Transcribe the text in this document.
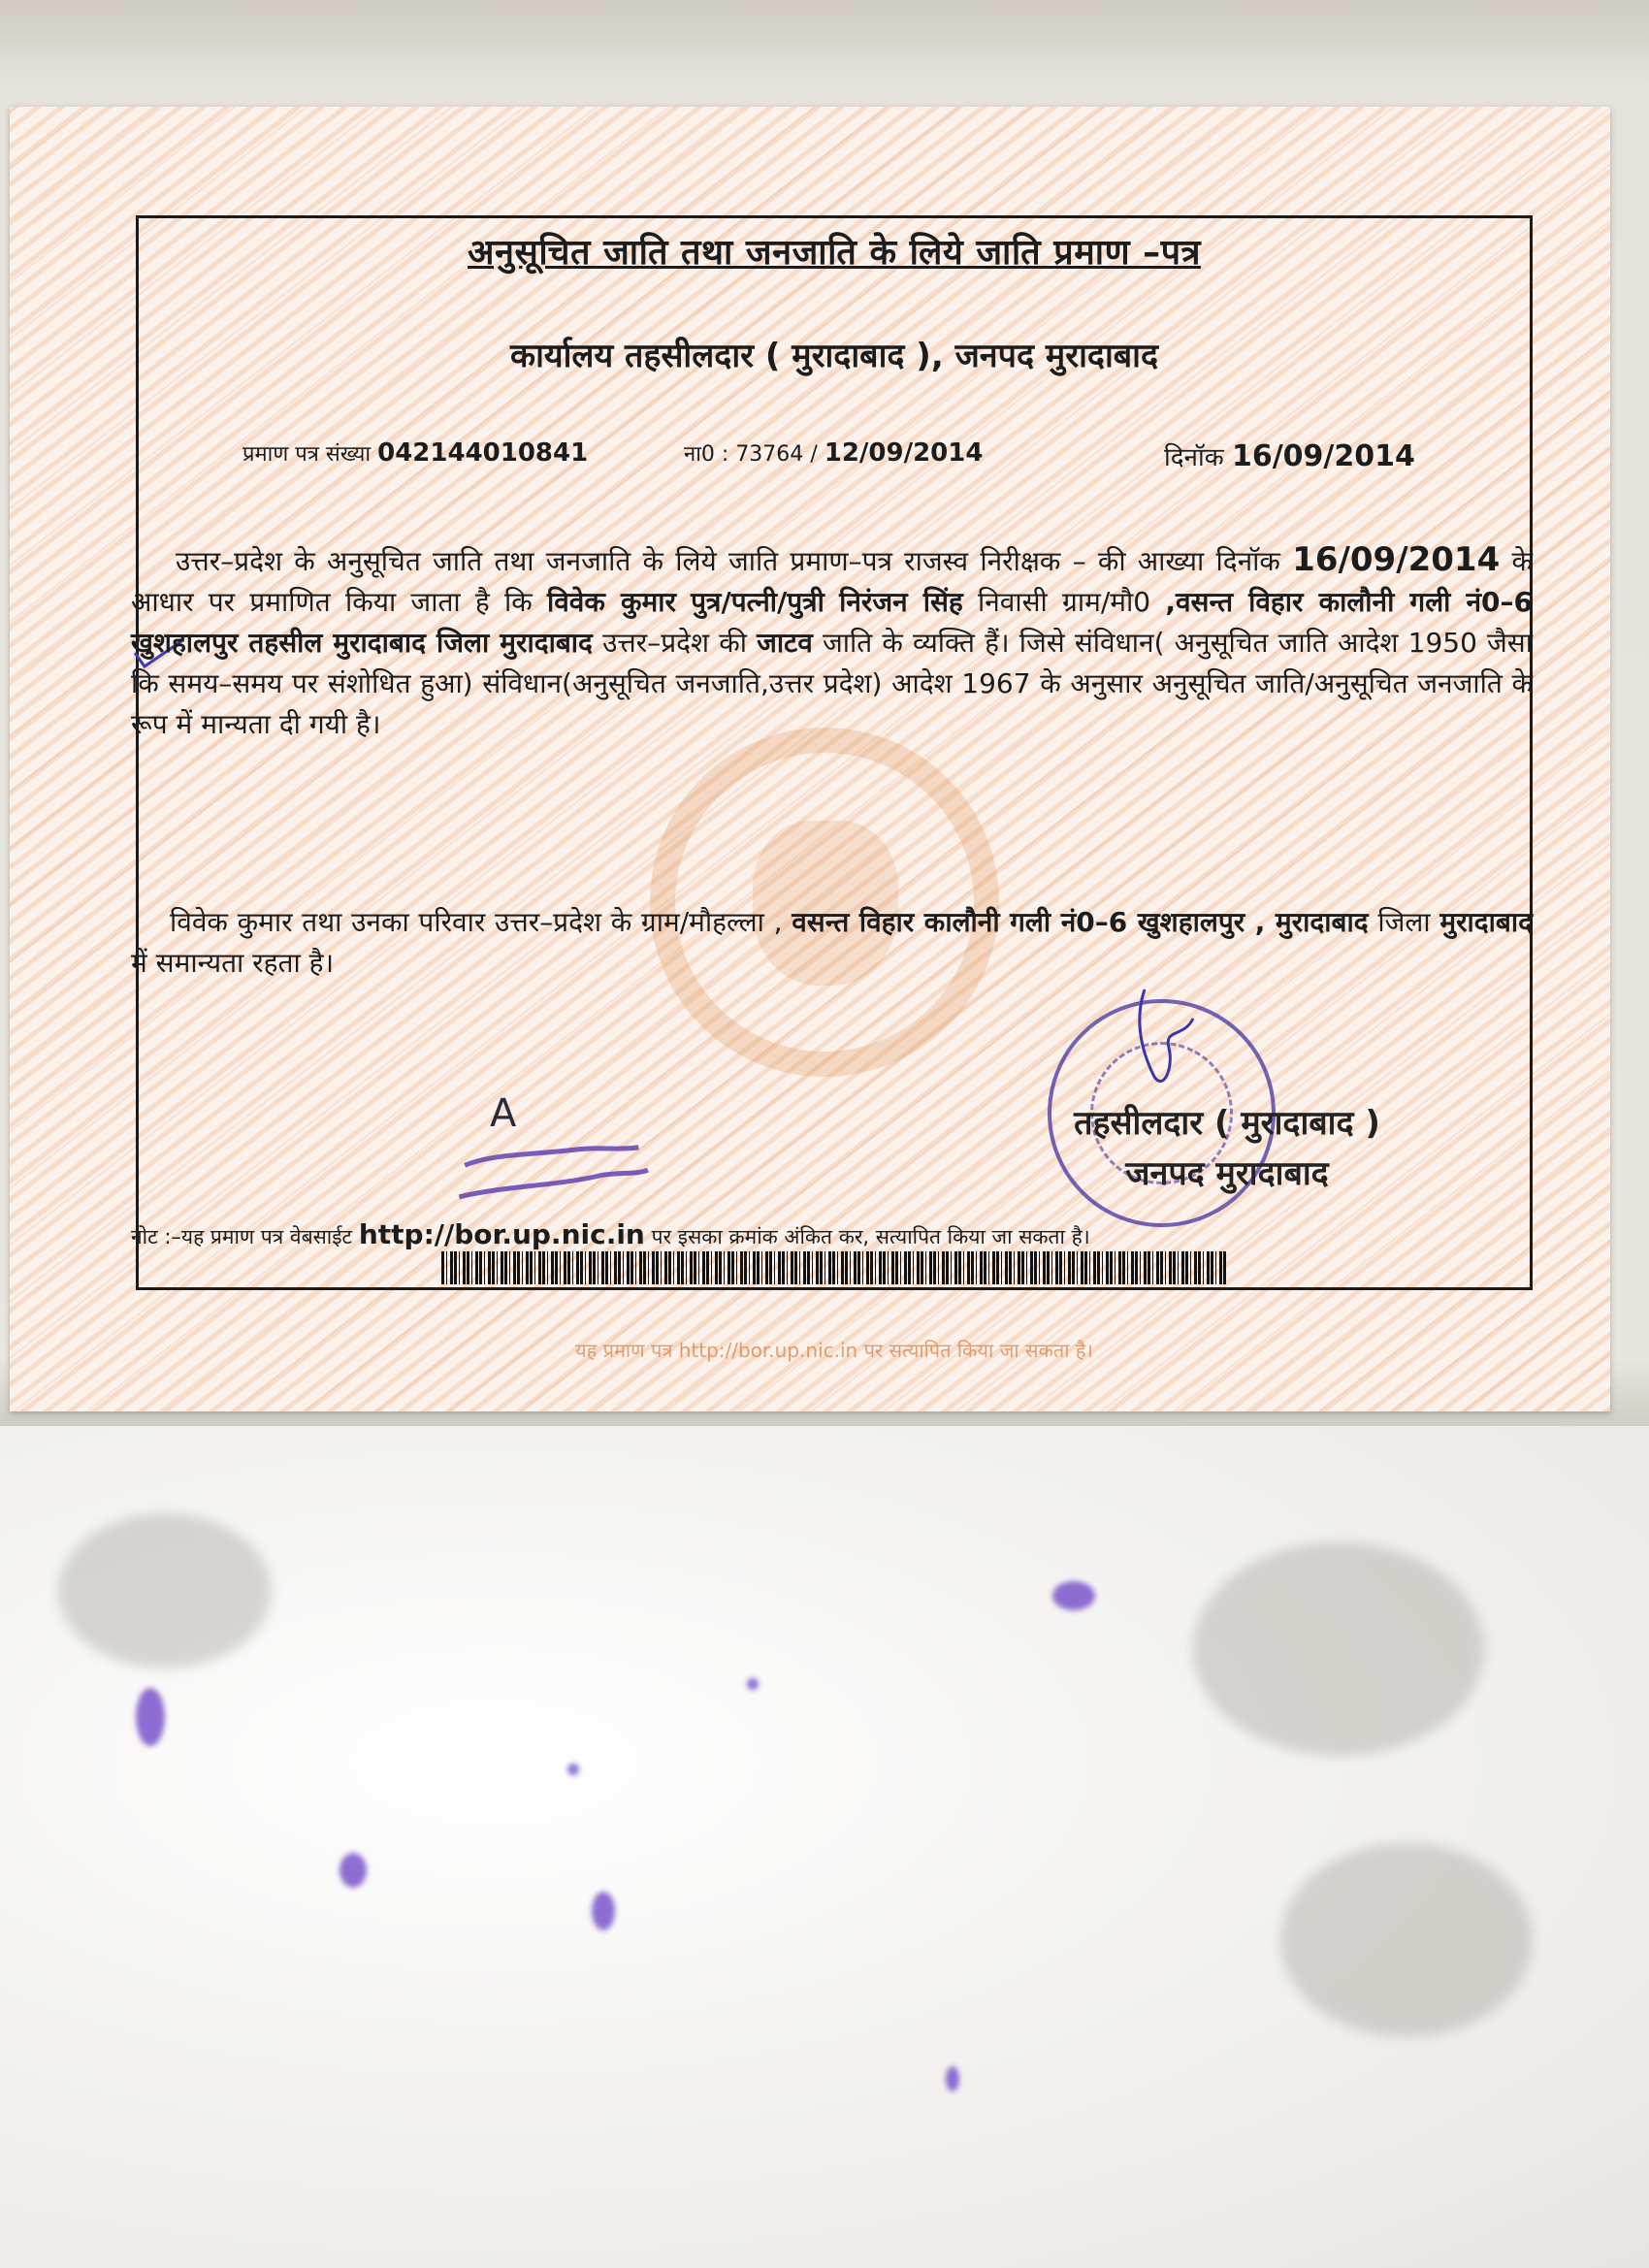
अनुसूचित जाति तथा जनजाति के लिये जाति प्रमाण –पत्र
कार्यालय तहसीलदार ( मुरादाबाद ), जनपद मुरादाबाद
प्रमाण पत्र संख्या 042144010841	ना0 : 73764 / 12/09/2014	दिनॉक 16/09/2014
उत्तर–प्रदेश के अनुसूचित जाति तथा जनजाति के लिये जाति प्रमाण–पत्र राजस्व निरीक्षक – की आख्या दिनॉक 16/09/2014 के आधार पर प्रमाणित किया जाता है कि विवेक कुमार पुत्र/पत्नी/पुत्री निरंजन सिंह निवासी ग्राम/मौ0 ,वसन्त विहार कालौनी गली नं0–6 खुशहालपुर तहसील मुरादाबाद जिला मुरादाबाद उत्तर–प्रदेश की जाटव जाति के व्यक्ति हैं। जिसे संविधान( अनुसूचित जाति आदेश 1950 जैसा कि समय–समय पर संशोधित हुआ) संविधान(अनुसूचित जनजाति,उत्तर प्रदेश) आदेश 1967 के अनुसार अनुसूचित जाति/अनुसूचित जनजाति के रूप में मान्यता दी गयी है।
विवेक कुमार तथा उनका परिवार उत्तर–प्रदेश के ग्राम/मौहल्ला , वसन्त विहार कालौनी गली नं0–6 खुशहालपुर , मुरादाबाद जिला मुरादाबाद में समान्यता रहता है।
तहसीलदार ( मुरादाबाद )
जनपद मुरादाबाद
A
नोट :–यह प्रमाण पत्र वेबसाईट http://bor.up.nic.in पर इसका क्रमांक अंकित कर, सत्यापित किया जा सकता है।
यह प्रमाण पत्र http://bor.up.nic.in पर सत्यापित किया जा सकता है।
